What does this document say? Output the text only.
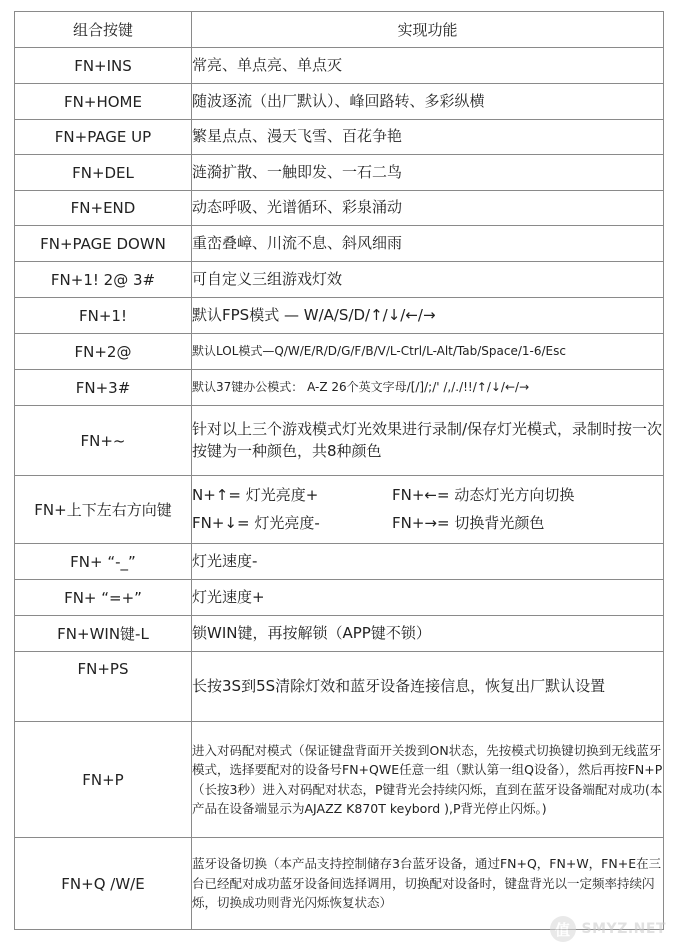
组合按键	实现功能
FN+INS	常亮、单点亮、单点灭
FN+HOME	随波逐流（出厂默认）、峰回路转、多彩纵横
FN+PAGE UP	繁星点点、漫天飞雪、百花争艳
FN+DEL	涟漪扩散、一触即发、一石二鸟
FN+END	动态呼吸、光谱循环、彩泉涌动
FN+PAGE DOWN	重峦叠嶂、川流不息、斜风细雨
FN+1! 2@ 3#	可自定义三组游戏灯效
FN+1!	默认FPS模式 — W/A/S/D/↑/↓/←/→
FN+2@	默认LOL模式—Q/W/E/R/D/G/F/B/V/L-Ctrl/L-Alt/Tab/Space/1-6/Esc
FN+3#	默认37键办公模式： A-Z 26个英文字母/[/]/;/' /,/./!!/↑/↓/←/→
FN+~	针对以上三个游戏模式灯光效果进行录制/保存灯光模式，录制时按一次按键为一种颜色，共8种颜色
FN+上下左右方向键	N+↑= 灯光亮度+ FN+←= 动态灯光方向切换
FN+↓= 灯光亮度- FN+→= 切换背光颜色

FN+ “-_”	灯光速度-
FN+ “=+”	灯光速度+
FN+WIN键-L	锁WIN键，再按解锁（APP键不锁）
FN+PS	长按3S到5S清除灯效和蓝牙设备连接信息，恢复出厂默认设置
FN+P	进入对码配对模式（保证键盘背面开关拨到ON状态，先按模式切换键切换到无线蓝牙模式，选择要配对的设备号FN+QWE任意一组（默认第一组Q设备），然后再按FN+P（长按3秒）进入对码配对状态，P键背光会持续闪烁，直到在蓝牙设备端配对成功(本产品在设备端显示为AJAZZ K870T keybord ),P背光停止闪烁。)
FN+Q /W/E	蓝牙设备切换（本产品支持控制储存3台蓝牙设备，通过FN+Q，FN+W，FN+E在三台已经配对成功蓝牙设备间选择调用，切换配对设备时，键盘背光以一定频率持续闪烁，切换成功则背光闪烁恢复状态）
值 SMYZ.NET
